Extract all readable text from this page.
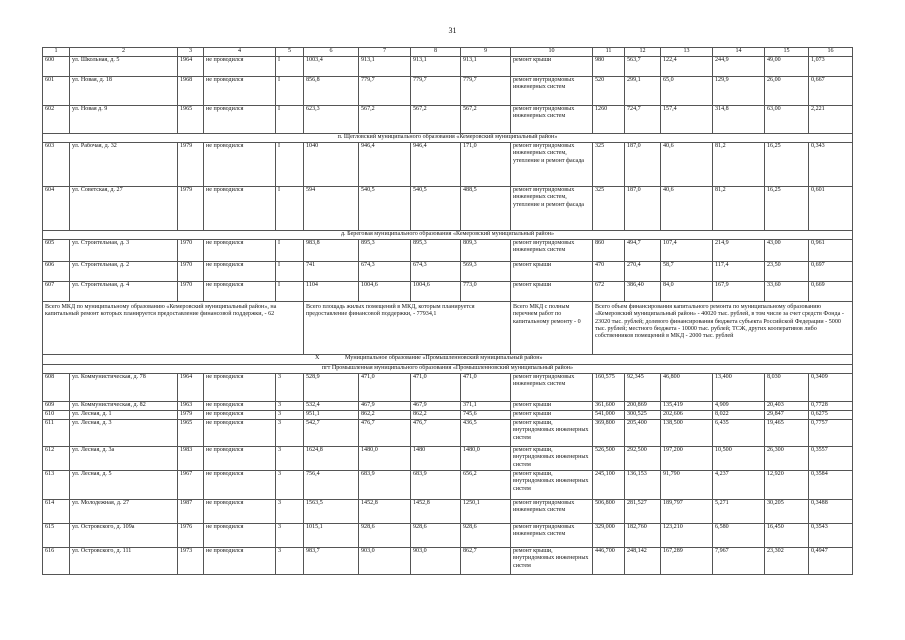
31
1	2	3	4	5	6	7	8	9	10	11	12	13	14	15	16
600	ул. Школьная, д. 5	1964	не проводился	I	1003,4	913,1	913,1	913,1	ремонт крыши	980	563,7	122,4	244,9	49,00	1,073
601	ул. Новая, д. 18	1968	не проводился	I	856,8	779,7	779,7	779,7	ремонт внутридомовых инженерных систем	520	299,1	65,0	129,9	26,00	0,667
602	ул. Новая д. 9	1965	не проводился	I	623,3	567,2	567,2	567,2	ремонт внутридомовых инженерных систем	1260	724,7	157,4	314,8	63,00	2,221
п. Щегловский муниципального образования «Кемеровский муниципальный район»															
603	ул. Рабочая, д. 32	1979	не проводился	I	1040	946,4	946,4	171,0	ремонт внутридомовых инженерных систем, утепление и ремонт фасада	325	187,0	40,6	81,2	16,25	0,343
604	ул. Советская, д. 27	1979	не проводился	I	594	540,5	540,5	488,5	ремонт внутридомовых инженерных систем, утепление и ремонт фасада	325	187,0	40,6	81,2	16,25	0,601
д. Береговая муниципального образования «Кемеровский муниципальный район»															
605	ул. Строительная, д. 3	1970	не проводился	I	983,8	895,3	895,3	809,3	ремонт внутридомовых инженерных систем	860	494,7	107,4	214,9	43,00	0,961
606	ул. Строительная, д. 2	1970	не проводился	I	741	674,3	674,3	569,3	ремонт крыши	470	270,4	58,7	117,4	23,50	0,697
607	ул. Строительная, д. 4	1970	не проводился	I	1104	1004,6	1004,6	773,0	ремонт крыши	672	386,40	84,0	167,9	33,60	0,669
Всего МКД по муниципальному образованию «Кемеровский муниципальный район», на капитальный ремонт которых планируется предоставление финансовой поддержки, - 62					Всего площадь жилых помещений в МКД, которым планируется предоставление финансовой поддержки, - 77934,1				Всего МКД с полным перечнем работ по капитальному ремонту - 0	Всего объем финансирования капитального ремонта по муниципальному образованию «Кемеровский муниципальный район» - 40020 тыс. рублей, в том числе за счет средств Фонда - 23020 тыс. рублей; долевого финансирования бюджета субъекта Российской Федерации - 5000 тыс. рублей; местного бюджета - 10000 тыс. рублей; ТСЖ, других кооперативов либо собственников помещений в МКД - 2000 тыс. рублей					

X Муниципальное образование «Промышленновский муниципальный район»															
пгт Промышленная муниципального образования «Промышленновский муниципальный район»															
608	ул. Коммунистическая, д. 78	1964	не проводился	3	528,9	471,0	471,0	471,0	ремонт внутридомовых инженерных систем	160,575	92,345	46,800	13,400	8,030	0,3409
609	ул. Коммунистическая, д. 82	1963	не проводился	3	532,4	467,9	467,9	371,1	ремонт крыши	361,600	200,869	135,419	4,909	20,403	0,7728
610	ул. Лесная, д. 1	1979	не проводился	3	951,1	862,2	862,2	745,6	ремонт крыши	541,000	300,525	202,606	8,022	29,847	0,6275
611	ул. Лесная, д. 3	1965	не проводился	3	542,7	476,7	476,7	436,5	ремонт крыши, внутридомовых инженерных систем	369,800	205,400	138,500	6,435	19,465	0,7757
612	ул. Лесная, д. 3а	1983	не проводился	3	1624,8	1480,0	1480	1480,0	ремонт крыши, внутридомовых инженерных систем	526,500	292,500	197,200	10,500	26,300	0,3557
613	ул. Лесная, д. 5	1967	не проводился	3	756,4	683,9	683,9	656,2	ремонт крыши, внутридомовых инженерных систем	245,100	136,153	91,790	4,237	12,920	0,3584
614	ул. Молодежная, д. 27	1987	не проводился	3	1563,5	1452,8	1452,8	1250,1	ремонт внутридомовых инженерных систем	506,800	281,527	189,797	5,271	30,205	0,3488
615	ул. Островского, д. 109а	1976	не проводился	3	1015,1	928,6	928,6	928,6	ремонт внутридомовых инженерных систем	329,000	182,760	123,210	6,580	16,450	0,3543
616	ул. Островского, д. 111	1973	не проводился	3	983,7	903,0	903,0	862,7	ремонт крыши, внутридомовых инженерных систем	446,700	248,142	167,289	7,967	23,302	0,4947
